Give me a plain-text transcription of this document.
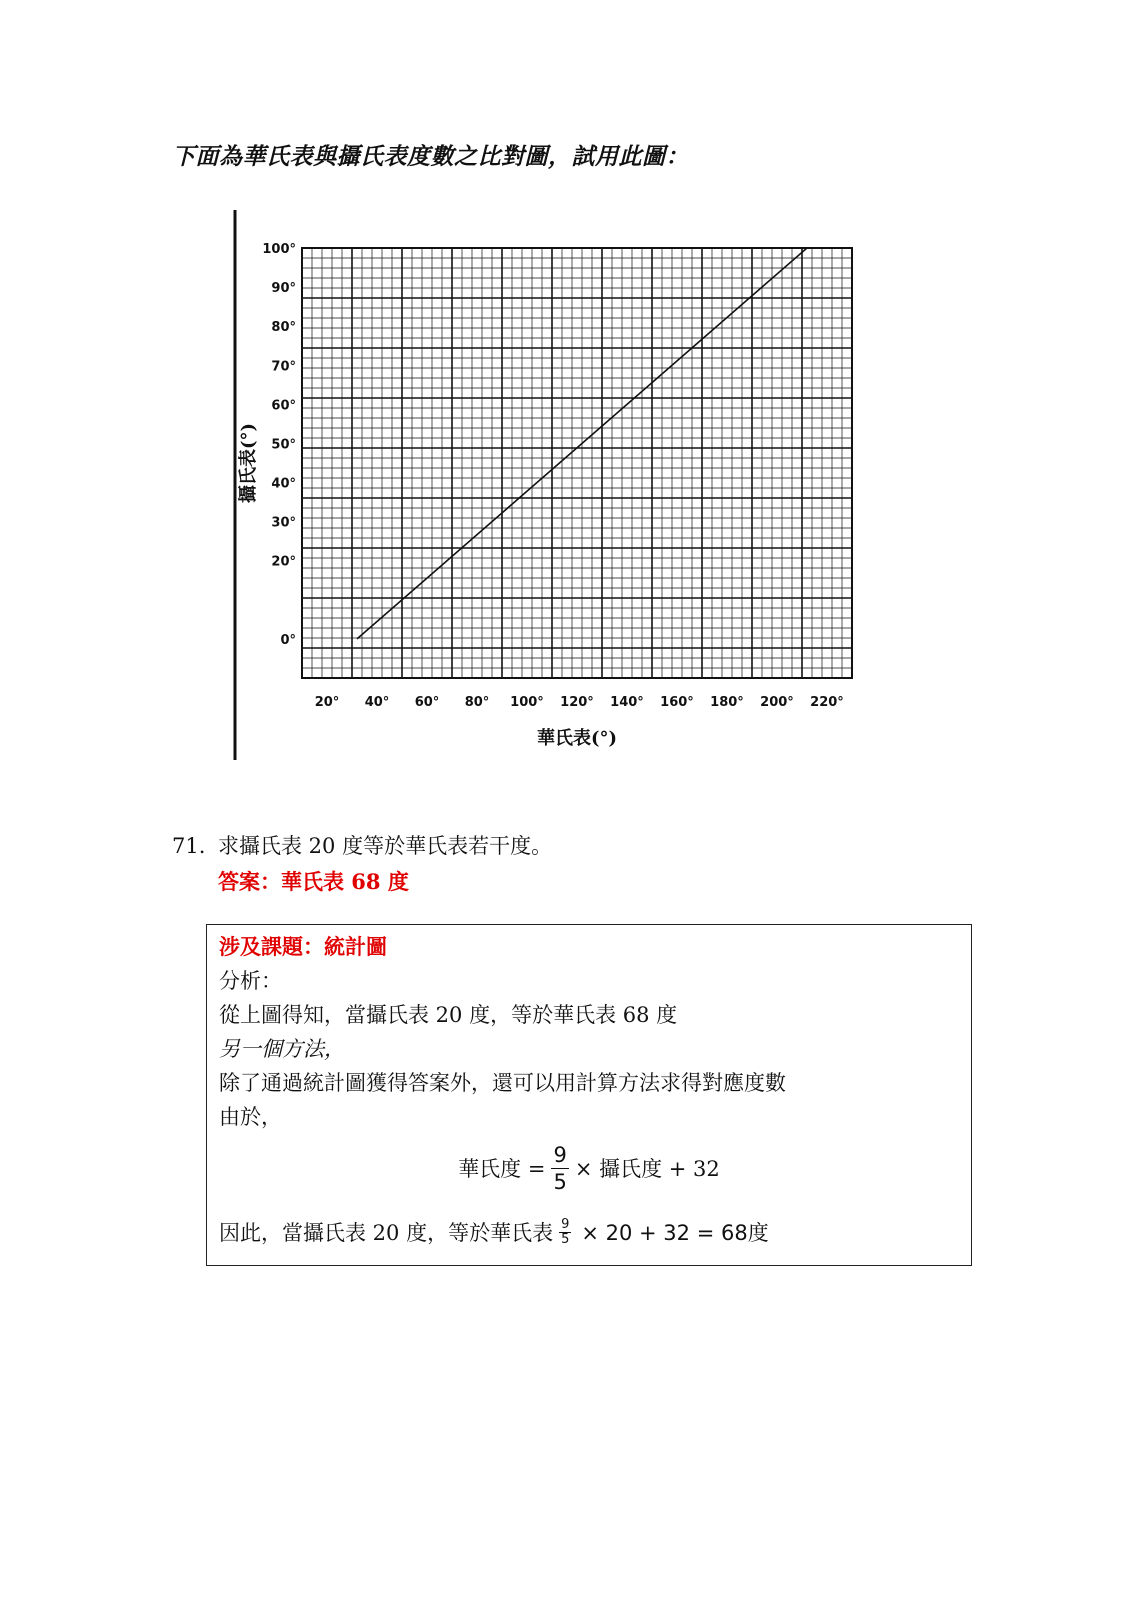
下面為華氏表與攝氏表度數之比對圖，試用此圖：
20° 40° 60° 80° 100° 120° 140° 160° 180° 200° 220°
0°
20°
30°
40°
50°
60°
70°
80°
90°
100°
華氏表(°)
攝氏表(°)
71. 求攝氏表 20 度等於華氏表若干度。
答案：華氏表 68 度
涉及課題：統計圖
分析：
從上圖得知，當攝氏表 20 度，等於華氏表 68 度
另一個方法，
除了通過統計圖獲得答案外，還可以用計算方法求得對應度數
由於，
華氏度 = $\frac{9}{5}$ × 攝氏度 + 32
因此，當攝氏表 20 度，等於華氏表 $\frac{9}{5} \times 20 + 32 = 68$度
